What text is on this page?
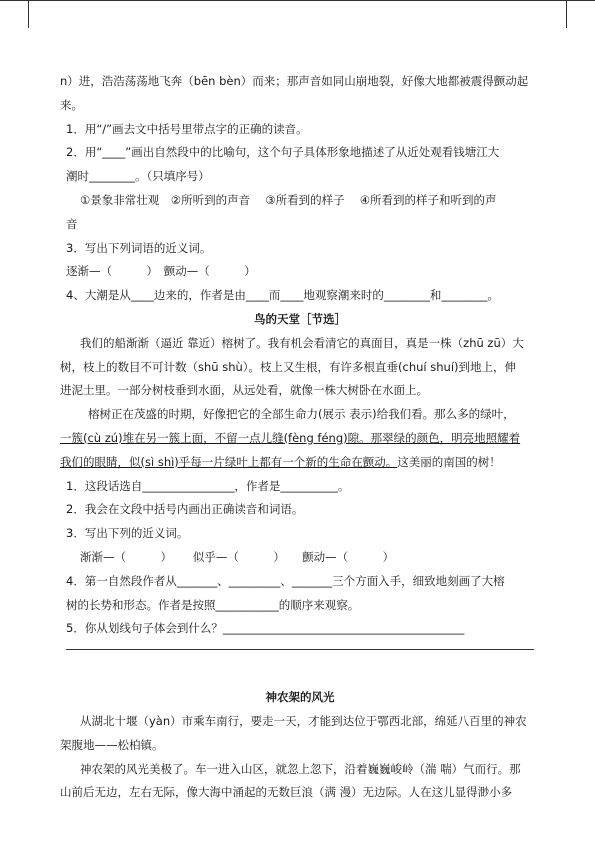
n）进，浩浩荡荡地飞奔（bēn bèn）而来；那声音如同山崩地裂，好像大地都被震得颤动起
来。
1．用“/”画去文中括号里带点字的正确的读音。
2．用“____”画出自然段中的比喻句，这个句子具体形象地描述了从近处观看钱塘江大
潮时________。（只填序号）
①景象非常壮观　②所听到的声音　 ③所看到的样子　 ④所看到的样子和听到的声
音
3．写出下列词语的近义词。
逐渐—（　　　）　颤动—（　　　）
4、大潮是从____边来的，作者是由____而____地观察潮来时的________和________。
鸟的天堂［节选］
我们的船渐渐（逼近 靠近）榕树了。我有机会看清它的真面目，真是一株（zhū zū）大
树，枝上的数目不可计数（shū shù）。枝上又生根，有许多根直垂(chuí shuí)到地上，伸
进泥土里。一部分树枝垂到水面，从远处看，就像一株大树卧在水面上。
榕树正在茂盛的时期，好像把它的全部生命力(展示 表示)给我们看。那么多的绿叶，
一簇(cù zú)堆在另一簇上面，不留一点儿缝(fèng féng)隙。那翠绿的颜色，明亮地照耀着
我们的眼睛，似(sì shì)乎每一片绿叶上都有一个新的生命在颤动。这美丽的南国的树！
1．这段话选自________________，作者是__________。
2．我会在文段中括号内画出正确读音和词语。
3．写出下列的近义词。
渐渐—（　　　）　　 似乎—（　　　）　　颤动—（　　　）
4．第一自然段作者从_______、_________、_______三个方面入手，细致地刻画了大榕
树的长势和形态。作者是按照___________的顺序来观察。
5．你从划线句子体会到什么？__________________________________________
神农架的风光
从湖北十堰（yàn）市乘车南行，要走一天，才能到达位于鄂西北部，绵延八百里的神农
架腹地——松柏镇。
神农架的风光美极了。车一进入山区，就忽上忽下，沿着巍巍峻岭（湍 喘）气而行。那
山前后无边，左右无际，像大海中涌起的无数巨浪（满 漫）无边际。人在这儿显得渺小多
